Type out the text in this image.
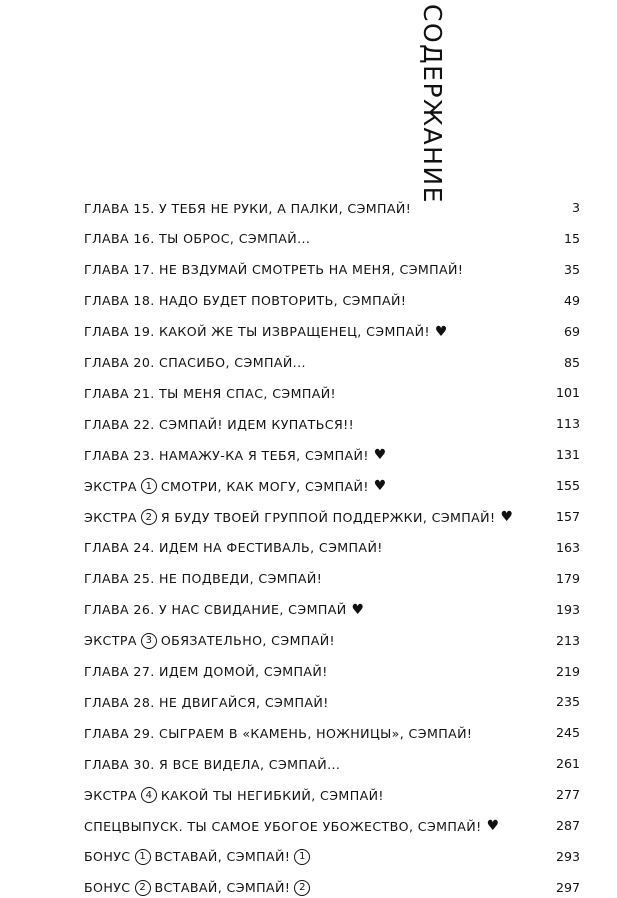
СОДЕРЖАНИЕ
ГЛАВА 15. У ТЕБЯ НЕ РУКИ, А ПАЛКИ, СЭМПАЙ!	3
ГЛАВА 16. ТЫ ОБРОС, СЭМПАЙ...	15
ГЛАВА 17. НЕ ВЗДУМАЙ СМОТРЕТЬ НА МЕНЯ, СЭМПАЙ!	35
ГЛАВА 18. НАДО БУДЕТ ПОВТОРИТЬ, СЭМПАЙ!	49
ГЛАВА 19. КАКОЙ ЖЕ ТЫ ИЗВРАЩЕНЕЦ, СЭМПАЙ! ♥	69
ГЛАВА 20. СПАСИБО, СЭМПАЙ...	85
ГЛАВА 21. ТЫ МЕНЯ СПАС, СЭМПАЙ!	101
ГЛАВА 22. СЭМПАЙ! ИДЕМ КУПАТЬСЯ!!	113
ГЛАВА 23. НАМАЖУ-КА Я ТЕБЯ, СЭМПАЙ! ♥	131
ЭКСТРА 1 СМОТРИ, КАК МОГУ, СЭМПАЙ! ♥	155
ЭКСТРА 2 Я БУДУ ТВОЕЙ ГРУППОЙ ПОДДЕРЖКИ, СЭМПАЙ! ♥	157
ГЛАВА 24. ИДЕМ НА ФЕСТИВАЛЬ, СЭМПАЙ!	163
ГЛАВА 25. НЕ ПОДВЕДИ, СЭМПАЙ!	179
ГЛАВА 26. У НАС СВИДАНИЕ, СЭМПАЙ ♥	193
ЭКСТРА 3 ОБЯЗАТЕЛЬНО, СЭМПАЙ!	213
ГЛАВА 27. ИДЕМ ДОМОЙ, СЭМПАЙ!	219
ГЛАВА 28. НЕ ДВИГАЙСЯ, СЭМПАЙ!	235
ГЛАВА 29. СЫГРАЕМ В «КАМЕНЬ, НОЖНИЦЫ», СЭМПАЙ!	245
ГЛАВА 30. Я ВСЕ ВИДЕЛА, СЭМПАЙ...	261
ЭКСТРА 4 КАКОЙ ТЫ НЕГИБКИЙ, СЭМПАЙ!	277
СПЕЦВЫПУСК. ТЫ САМОЕ УБОГОЕ УБОЖЕСТВО, СЭМПАЙ! ♥	287
БОНУС 1 ВСТАВАЙ, СЭМПАЙ! 1	293
БОНУС 2 ВСТАВАЙ, СЭМПАЙ! 2	297
